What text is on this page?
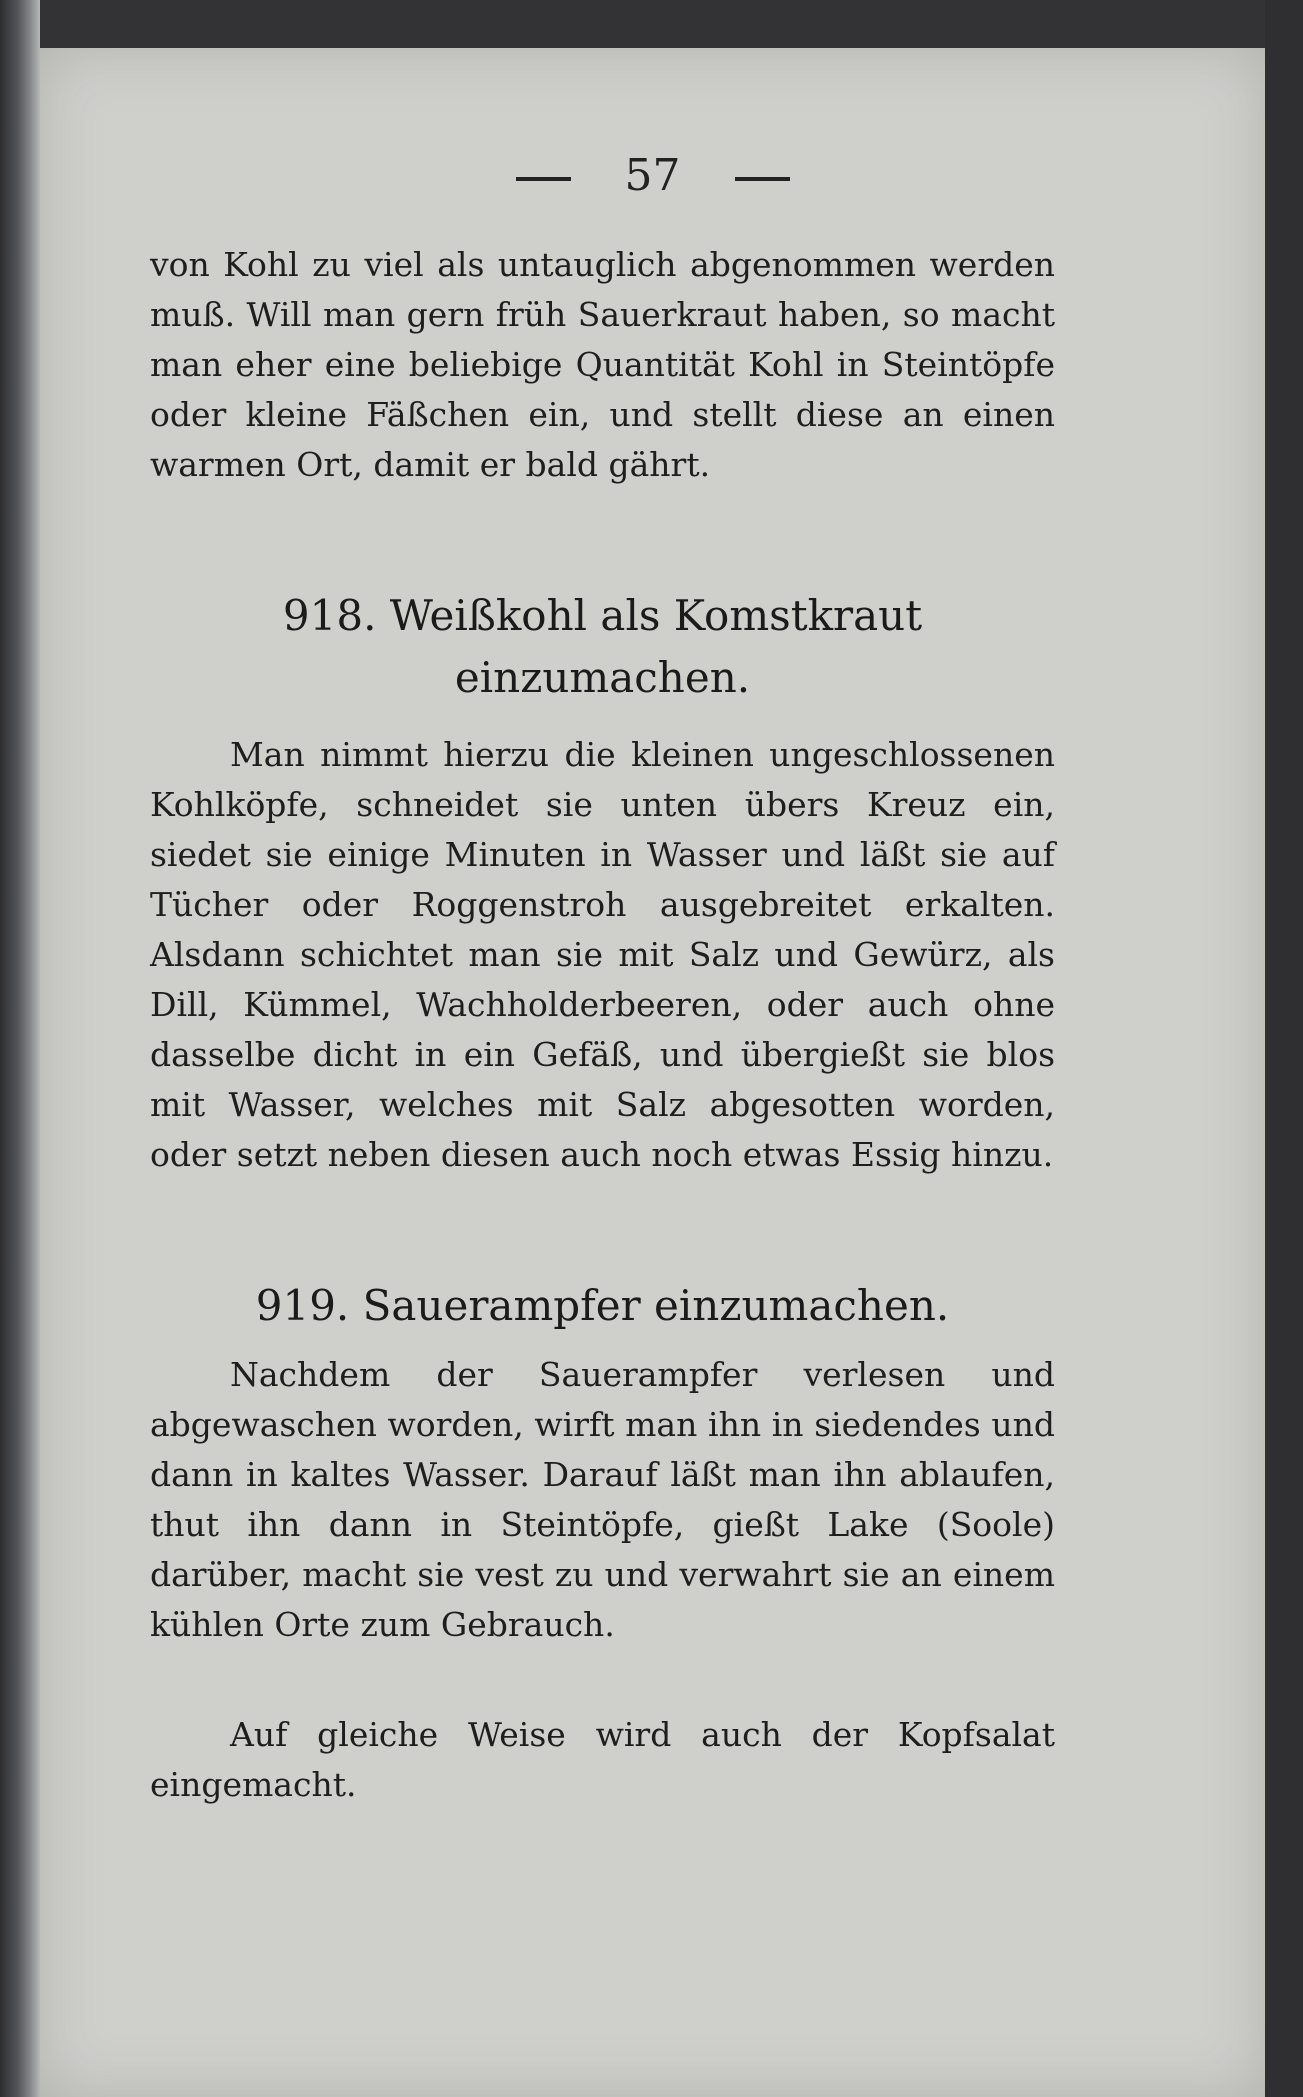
57
von Kohl zu viel als untauglich abgenommen werden muß. Will man gern früh Sauerkraut haben, so macht man eher eine beliebige Quantität Kohl in Steintöpfe oder kleine Fäßchen ein, und stellt diese an einen warmen Ort, damit er bald gährt.
918. Weißkohl als Komstkraut einzumachen.
Man nimmt hierzu die kleinen ungeschlossenen Kohlköpfe, schneidet sie unten übers Kreuz ein, siedet sie einige Minuten in Wasser und läßt sie auf Tücher oder Roggenstroh ausgebreitet erkalten. Alsdann schichtet man sie mit Salz und Gewürz, als Dill, Kümmel, Wachholderbeeren, oder auch ohne dasselbe dicht in ein Gefäß, und übergießt sie blos mit Wasser, welches mit Salz abgesotten worden, oder setzt neben diesen auch noch etwas Essig hinzu.
919. Sauerampfer einzumachen.
Nachdem der Sauerampfer verlesen und abgewaschen worden, wirft man ihn in siedendes und dann in kaltes Wasser. Darauf läßt man ihn ablaufen, thut ihn dann in Steintöpfe, gießt Lake (Soole) darüber, macht sie vest zu und verwahrt sie an einem kühlen Orte zum Gebrauch.
Auf gleiche Weise wird auch der Kopfsalat eingemacht.
